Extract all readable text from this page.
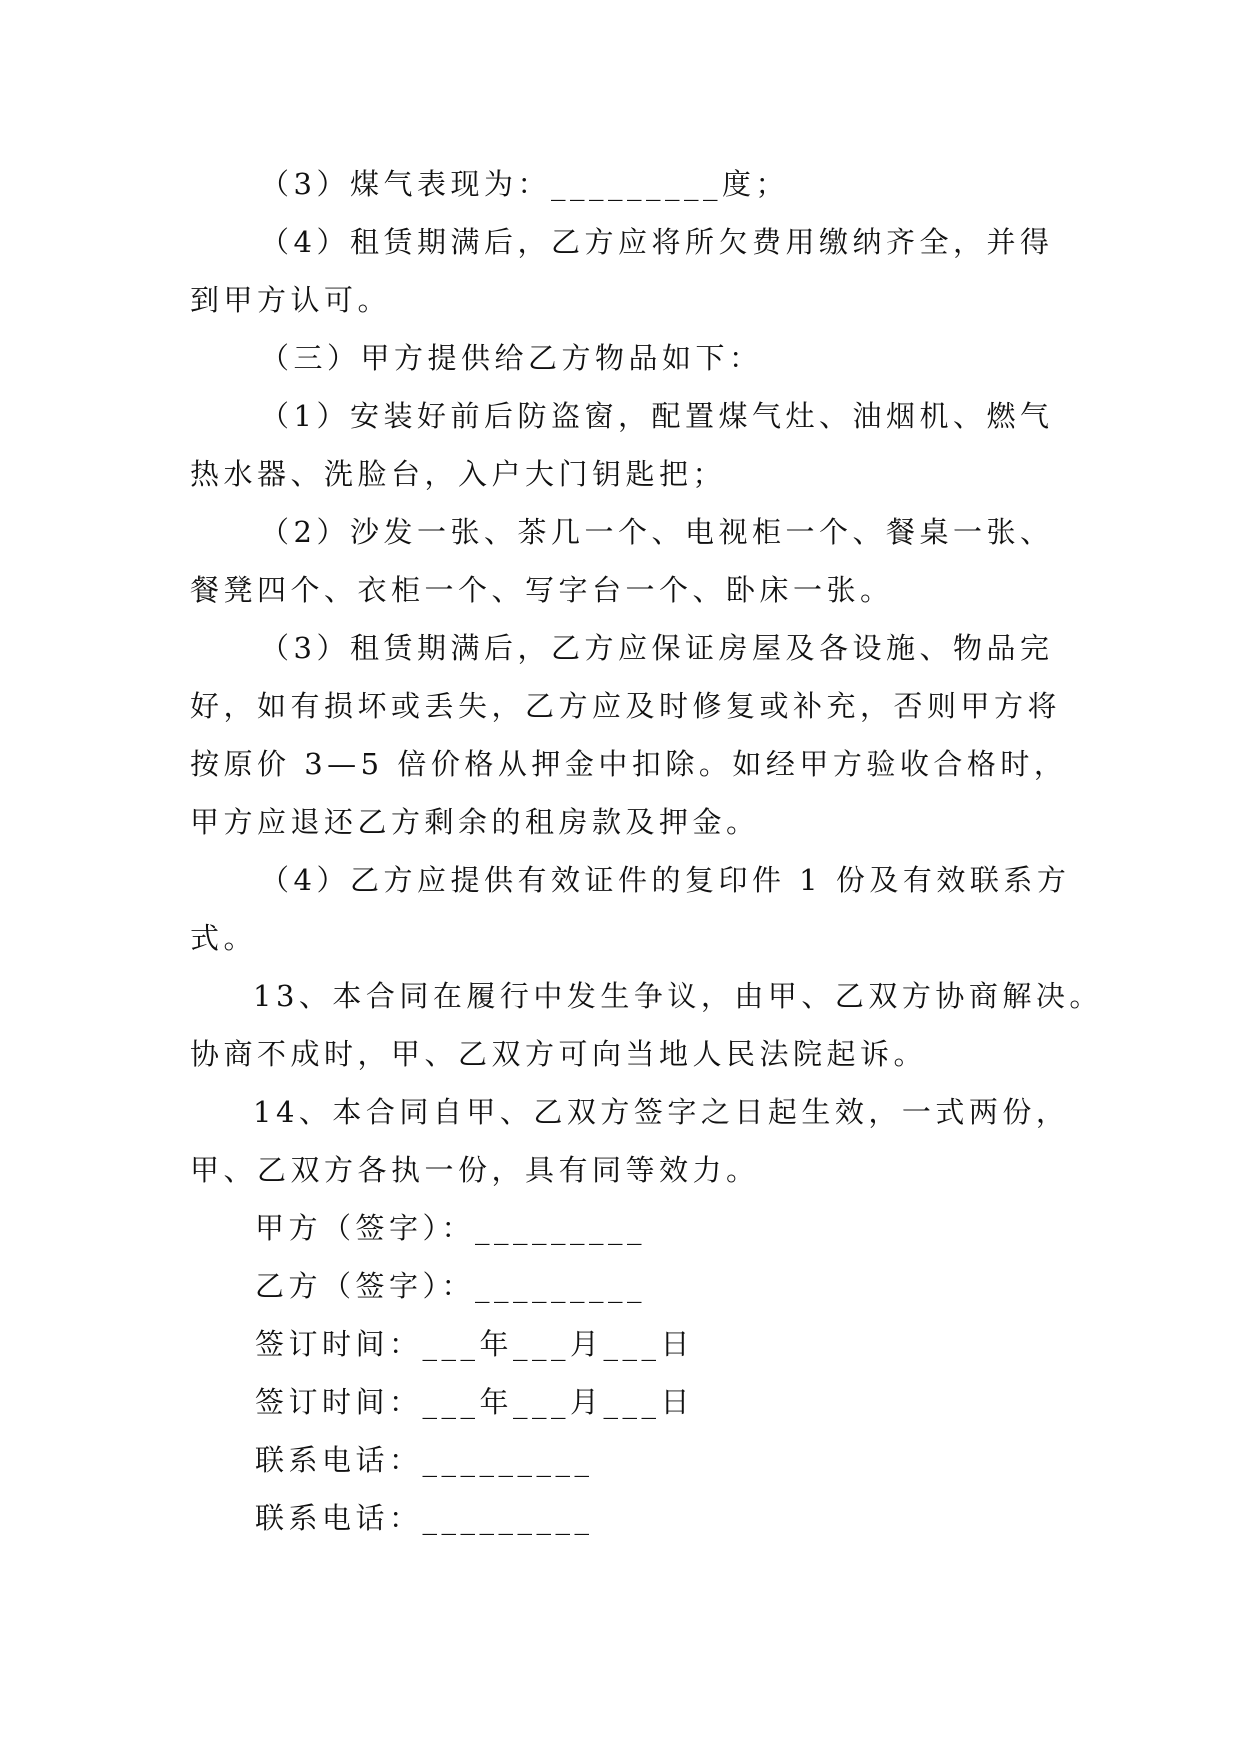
（3）煤气表现为：_________度；
（4）租赁期满后，乙方应将所欠费用缴纳齐全，并得
到甲方认可。
（三）甲方提供给乙方物品如下：
（1）安装好前后防盗窗，配置煤气灶、油烟机、燃气
热水器、洗脸台，入户大门钥匙把；
（2）沙发一张、茶几一个、电视柜一个、餐桌一张、
餐凳四个、衣柜一个、写字台一个、卧床一张。
（3）租赁期满后，乙方应保证房屋及各设施、物品完
好，如有损坏或丢失，乙方应及时修复或补充，否则甲方将
按原价 3—5 倍价格从押金中扣除。如经甲方验收合格时，
甲方应退还乙方剩余的租房款及押金。
（4）乙方应提供有效证件的复印件 1 份及有效联系方
式。
13、本合同在履行中发生争议，由甲、乙双方协商解决。
协商不成时，甲、乙双方可向当地人民法院起诉。
14、本合同自甲、乙双方签字之日起生效，一式两份，
甲、乙双方各执一份，具有同等效力。
甲方（签字）：_________
乙方（签字）：_________
签订时间：___年___月___日
签订时间：___年___月___日
联系电话：_________
联系电话：_________
